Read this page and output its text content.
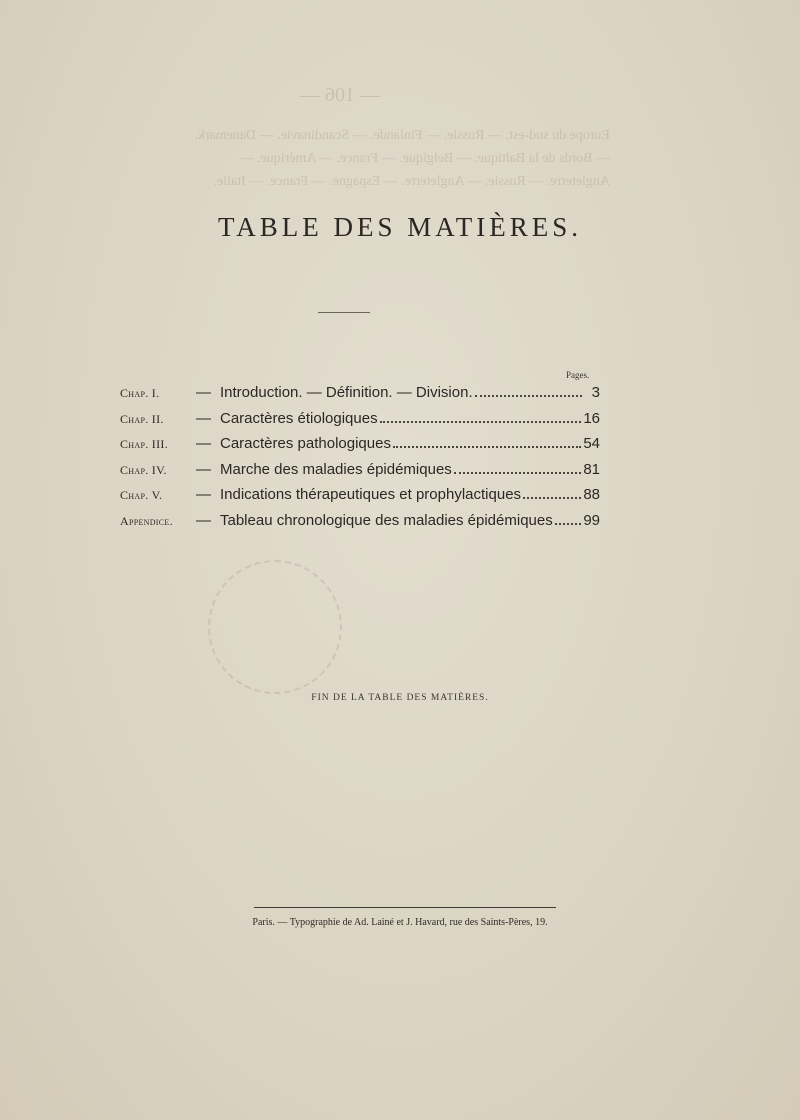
— 106 —
Europe du sud-est. — Russie. — Finlande. — Scandinavie. — Danemark. — Bords de la Baltique. — Belgique. — France. — Amérique. — Angleterre. — Russie. — Angleterre. — Espagne. — France. — Italie.
TABLE DES MATIÈRES.
Pages.
Chap. I.	— Introduction. — Définition. — Division.	3
Chap. II.	— Caractères étiologiques	16
Chap. III.	— Caractères pathologiques	54
Chap. IV.	— Marche des maladies épidémiques	81
Chap. V.	— Indications thérapeutiques et prophylactiques	88
Appendice.	— Tableau chronologique des maladies épidémiques 99
FIN DE LA TABLE DES MATIÈRES.
Paris. — Typographie de Ad. Lainé et J. Havard, rue des Saints-Pères, 19.
